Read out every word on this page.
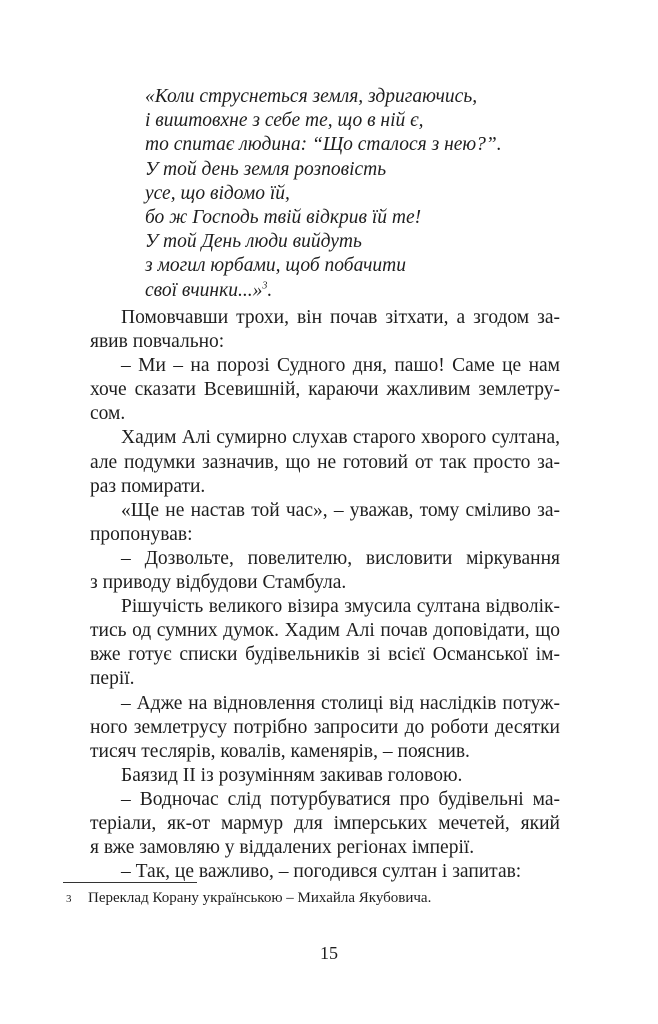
«Коли струснеться земля, здригаючись,
і виштовхне з себе те, що в ній є,
то спитає людина: “Що сталося з нею?”.
У той день земля розповість
усе, що відомо їй,
бо ж Господь твій відкрив їй те!
У той День люди вийдуть
з могил юрбами, щоб побачити
свої вчинки...»$^3$.
Помовчавши трохи, він почав зітхати, а згодом за-
явив повчально:
– Ми – на порозі Судного дня, пашо! Саме це нам
хоче сказати Всевишній, караючи жахливим землетру-
сом.
Хадим Алі сумирно слухав старого хворого султана,
але подумки зазначив, що не готовий от так просто за-
раз помирати.
«Ще не настав той час», – уважав, тому сміливо за-
пропонував:
– Дозвольте, повелителю, висловити міркування
з приводу відбудови Стамбула.
Рішучість великого візира змусила султана відволік-
тись од сумних думок. Хадим Алі почав доповідати, що
вже готує списки будівельників зі всієї Османської ім-
перії.
– Адже на відновлення столиці від наслідків потуж-
ного землетрусу потрібно запросити до роботи десятки
тисяч теслярів, ковалів, каменярів, – пояснив.
Баязид II із розумінням закивав головою.
– Водночас слід потурбуватися про будівельні ма-
теріали, як-от мармур для імперських мечетей, який
я вже замовляю у віддалених регіонах імперії.
– Так, це важливо, – погодився султан і запитав:
3 Переклад Корану українською – Михайла Якубовича.
15
